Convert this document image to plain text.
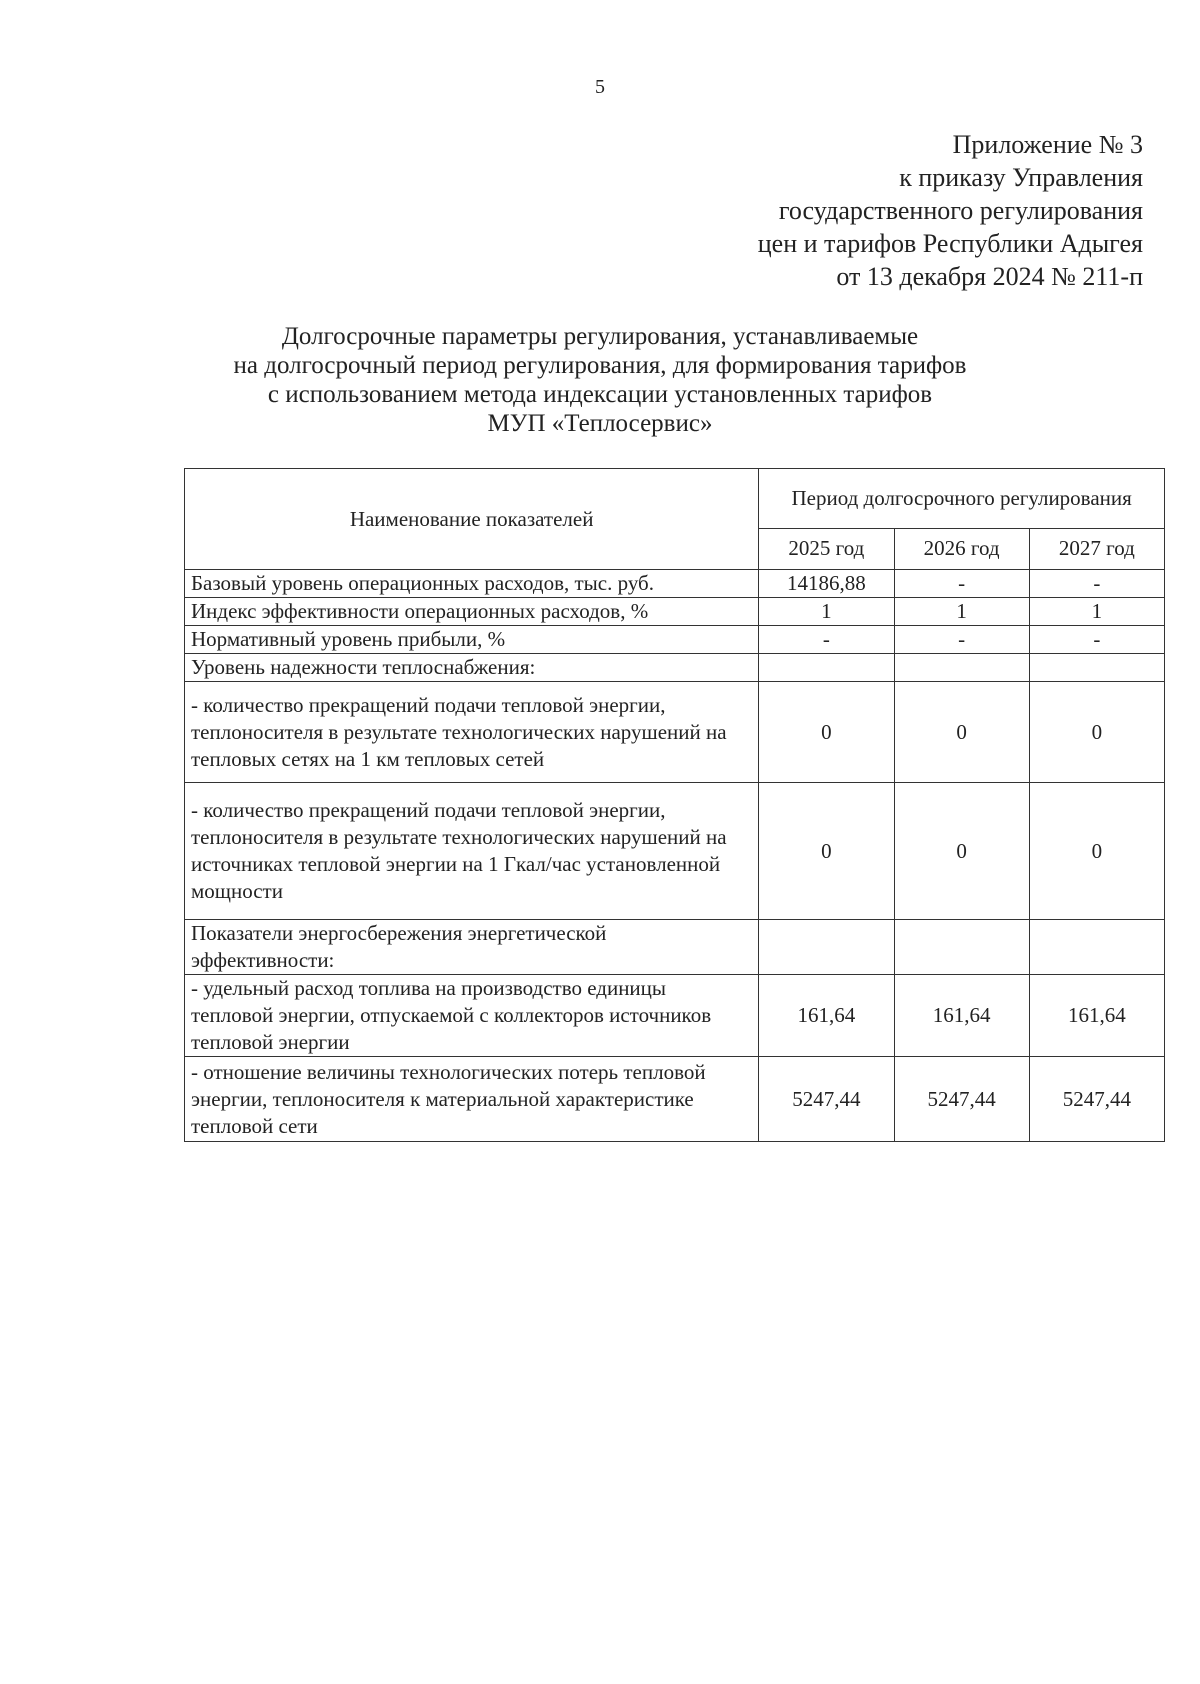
5
Приложение № 3
к приказу Управления
государственного регулирования
цен и тарифов Республики Адыгея
от 13 декабря 2024 № 211-п
Долгосрочные параметры регулирования, устанавливаемые
на долгосрочный период регулирования, для формирования тарифов
с использованием метода индексации установленных тарифов
МУП «Теплосервис»
Наименование показателей	Период долгосрочного регулирования		
	2025 год	2026 год	2027 год
Базовый уровень операционных расходов, тыс. руб.	14186,88	-	-
Индекс эффективности операционных расходов, %	1	1	1
Нормативный уровень прибыли, %	-	-	-
Уровень надежности теплоснабжения:			
- количество прекращений подачи тепловой энергии, теплоносителя в результате технологических нарушений на тепловых сетях на 1 км тепловых сетей	0	0	0
- количество прекращений подачи тепловой энергии, теплоносителя в результате технологических нарушений на источниках тепловой энергии на 1 Гкал/час установленной мощности	0	0	0
Показатели энергосбережения энергетической эффективности:			
- удельный расход топлива на производство единицы тепловой энергии, отпускаемой с коллекторов источников тепловой энергии	161,64	161,64	161,64
- отношение величины технологических потерь тепловой энергии, теплоносителя к материальной характеристике тепловой сети	5247,44	5247,44	5247,44
